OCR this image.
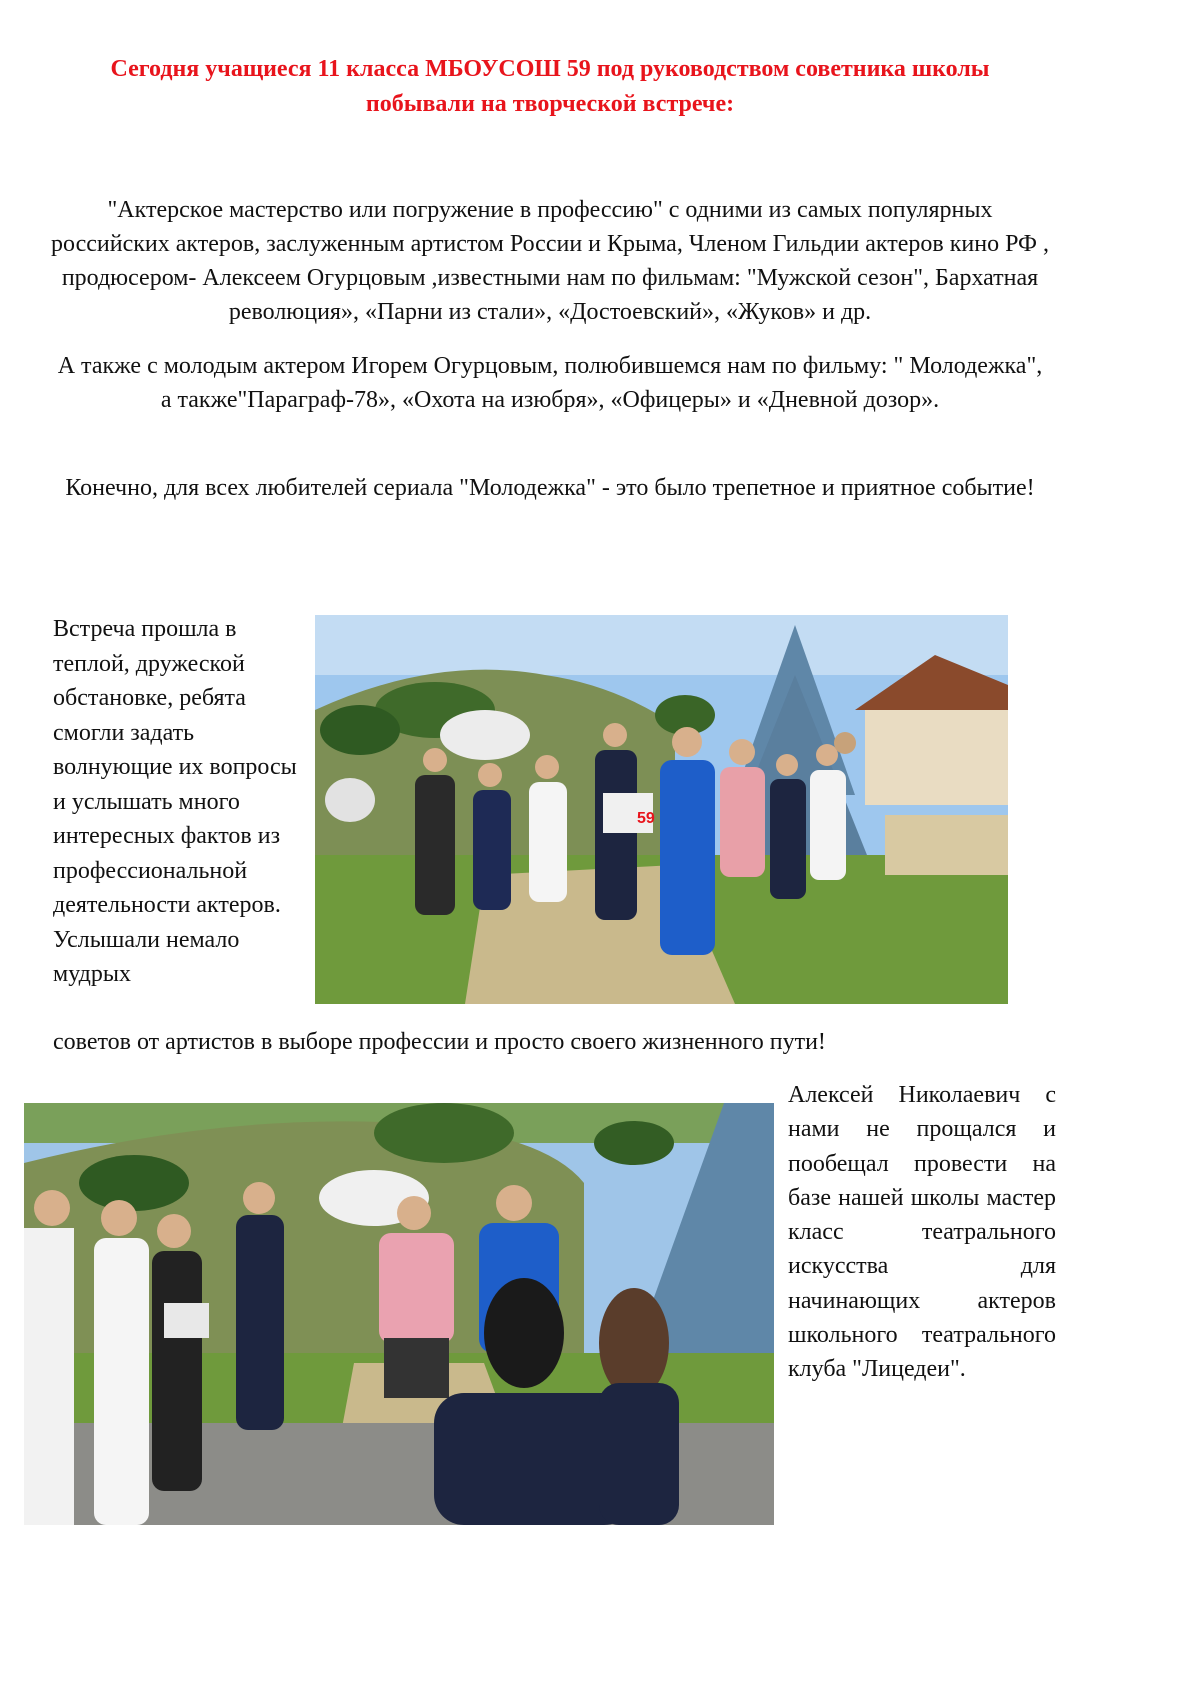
Сегодня учащиеся 11 класса МБОУСОШ 59 под руководством советника школы
побывали на творческой встрече:

"Актерское мастерство или погружение в профессию" с одними из самых популярных российских актеров, заслуженным артистом России и Крыма, Членом Гильдии актеров кино РФ , продюсером- Алексеем Огурцовым ,известными нам по фильмам: "Мужской сезон", Бархатная революция», «Парни из стали», «Достоевский», «Жуков» и др.

А также с молодым актером Игорем Огурцовым, полюбившемся нам по фильму: " Молодежка", а также"Параграф-78», «Охота на изюбря», «Офицеры» и «Дневной дозор».

Конечно, для всех любителей сериала "Молодежка" - это было трепетное и приятное событие!

Встреча прошла в теплой, дружеской обстановке, ребята смогли задать волнующие их вопросы и услышать много интересных фактов из профессиональной деятельности актеров. Услышали немало мудрых

59

советов от артистов в выборе профессии и просто своего жизненного пути!

Алексей Николаевич с нами не прощался и пообещал провести на базе нашей школы мастер класс театрального искусства для начинающих актеров школьного театрального клуба "Лицедеи".
